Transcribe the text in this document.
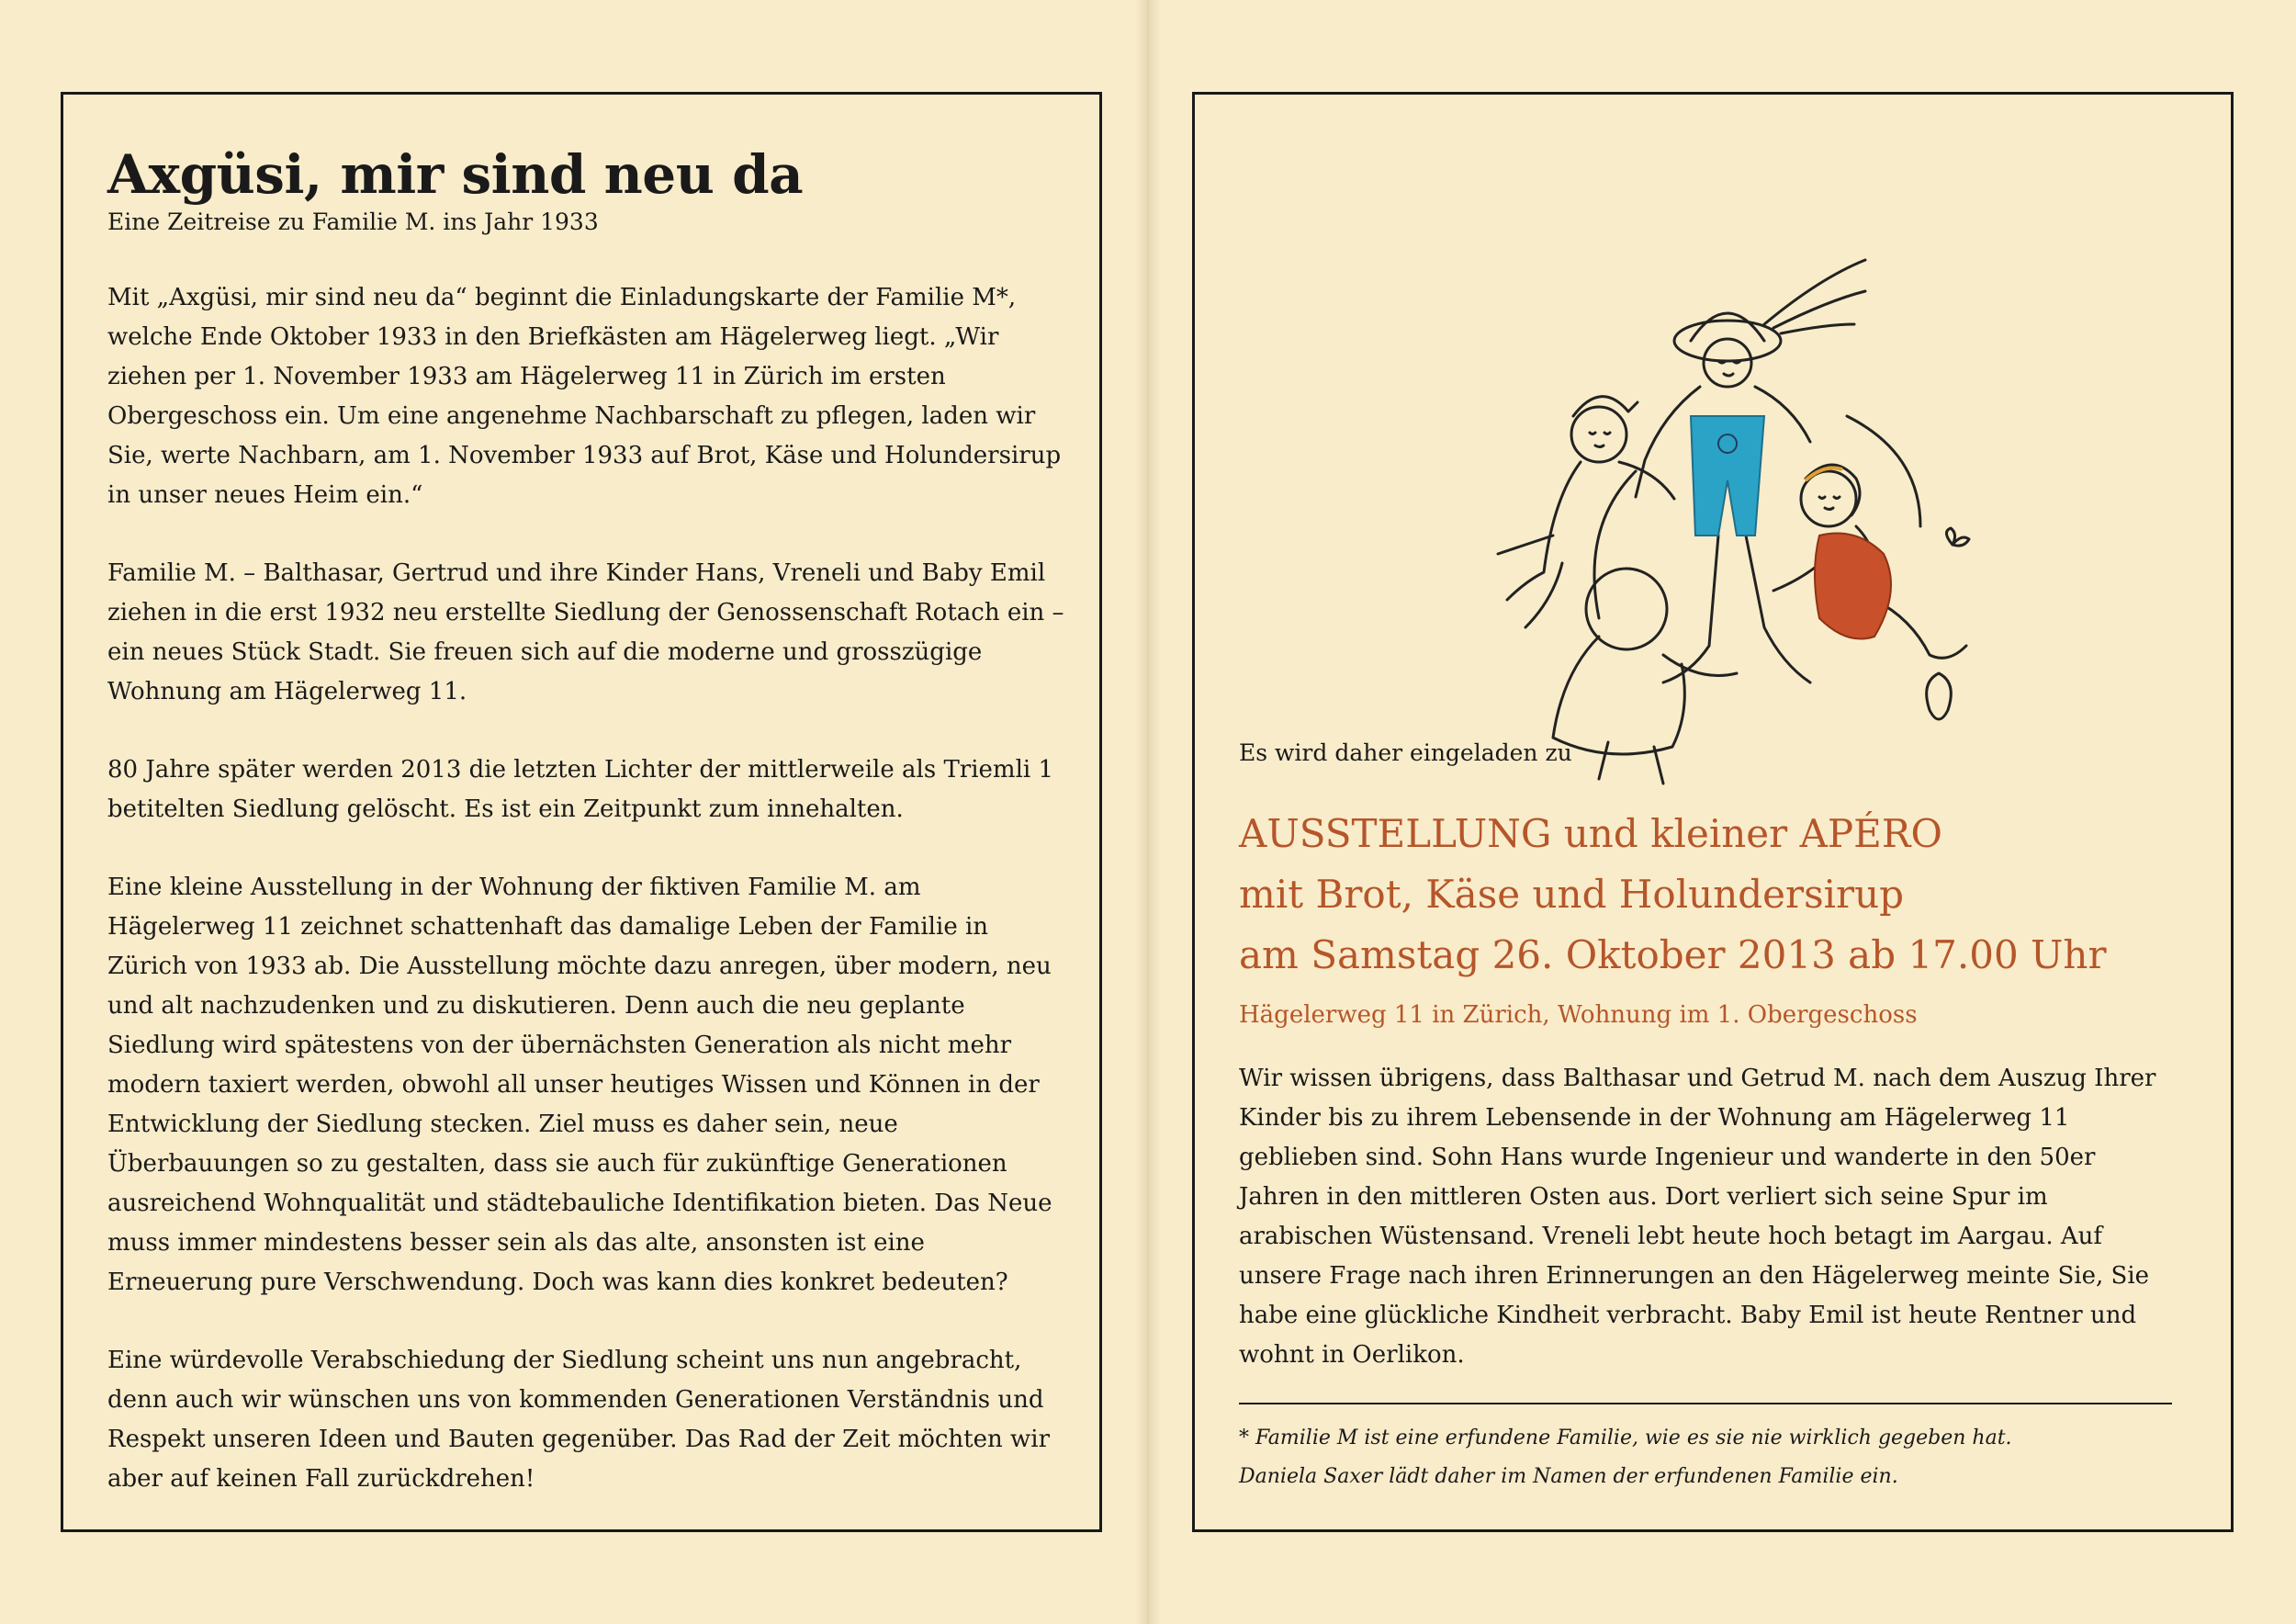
Axgüsi, mir sind neu da

Eine Zeitreise zu Familie M. ins Jahr 1933

Mit „Axgüsi, mir sind neu da“ beginnt die Einladungskarte der Familie M*, welche Ende Oktober 1933 in den Briefkästen am Hägelerweg liegt. „Wir ziehen per 1. November 1933 am Hägelerweg 11 in Zürich im ersten Obergeschoss ein. Um eine angenehme Nachbarschaft zu pflegen, laden wir Sie, werte Nachbarn, am 1. November 1933 auf Brot, Käse und Holundersirup in unser neues Heim ein.“

Familie M. – Balthasar, Gertrud und ihre Kinder Hans, Vreneli und Baby Emil ziehen in die erst 1932 neu erstellte Siedlung der Genossenschaft Rotach ein – ein neues Stück Stadt. Sie freuen sich auf die moderne und grosszügige Wohnung am Hägelerweg 11.

80 Jahre später werden 2013 die letzten Lichter der mittlerweile als Triemli 1 betitelten Siedlung gelöscht. Es ist ein Zeitpunkt zum innehalten.

Eine kleine Ausstellung in der Wohnung der fiktiven Familie M. am Hägelerweg 11 zeichnet schattenhaft das damalige Leben der Familie in Zürich von 1933 ab. Die Ausstellung möchte dazu anregen, über modern, neu und alt nachzudenken und zu diskutieren. Denn auch die neu geplante Siedlung wird spätestens von der übernächsten Generation als nicht mehr modern taxiert werden, obwohl all unser heutiges Wissen und Können in der Entwicklung der Siedlung stecken. Ziel muss es daher sein, neue Überbauungen so zu gestalten, dass sie auch für zukünftige Generationen ausreichend Wohnqualität und städtebauliche Identifikation bieten. Das Neue muss immer mindestens besser sein als das alte, ansonsten ist eine Erneuerung pure Verschwendung. Doch was kann dies konkret bedeuten?

Eine würdevolle Verabschiedung der Siedlung scheint uns nun angebracht, denn auch wir wünschen uns von kommenden Generationen Verständnis und Respekt unseren Ideen und Bauten gegenüber. Das Rad der Zeit möchten wir aber auf keinen Fall zurückdrehen!

Es wird daher eingeladen zu

AUSSTELLUNG und kleiner APÉRO

mit Brot, Käse und Holundersirup

am Samstag 26. Oktober 2013 ab 17.00 Uhr

Hägelerweg 11 in Zürich, Wohnung im 1. Obergeschoss

Wir wissen übrigens, dass Balthasar und Getrud M. nach dem Auszug Ihrer Kinder bis zu ihrem Lebensende in der Wohnung am Hägelerweg 11 geblieben sind. Sohn Hans wurde Ingenieur und wanderte in den 50er Jahren in den mittleren Osten aus. Dort verliert sich seine Spur im arabischen Wüstensand. Vreneli lebt heute hoch betagt im Aargau. Auf unsere Frage nach ihren Erinnerungen an den Hägelerweg meinte Sie, Sie habe eine glückliche Kindheit verbracht. Baby Emil ist heute Rentner und wohnt in Oerlikon.

* Familie M ist eine erfundene Familie, wie es sie nie wirklich gegeben hat.

Daniela Saxer lädt daher im Namen der erfundenen Familie ein.
